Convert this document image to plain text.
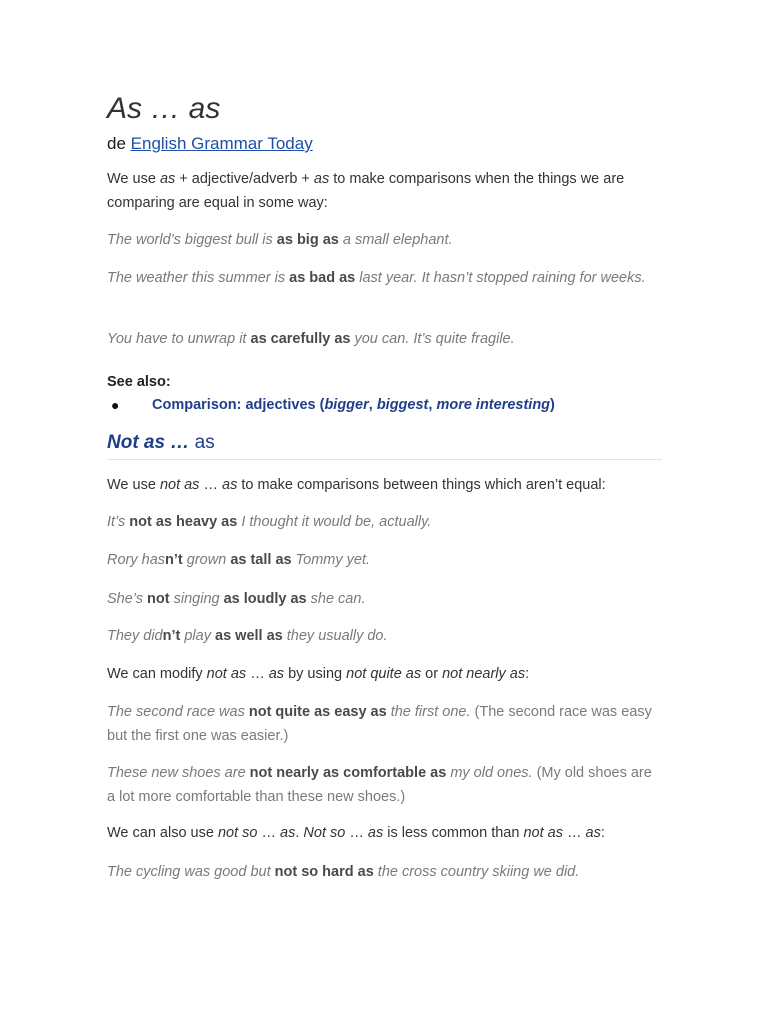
As … as
de English Grammar Today
We use as + adjective/adverb + as to make comparisons when the things we are comparing are equal in some way:
The world’s biggest bull is as big as a small elephant.
The weather this summer is as bad as last year. It hasn’t stopped raining for weeks.
You have to unwrap it as carefully as you can. It’s quite fragile.
See also:
● Comparison: adjectives (bigger, biggest, more interesting)
Not as … as
We use not as … as to make comparisons between things which aren’t equal:
It’s not as heavy as I thought it would be, actually.
Rory hasn’t grown as tall as Tommy yet.
She’s not singing as loudly as she can.
They didn’t play as well as they usually do.
We can modify not as … as by using not quite as or not nearly as:
The second race was not quite as easy as the first one. (The second race was easy but the first one was easier.)
These new shoes are not nearly as comfortable as my old ones. (My old shoes are a lot more comfortable than these new shoes.)
We can also use not so … as. Not so … as is less common than not as … as:
The cycling was good but not so hard as the cross country skiing we did.
